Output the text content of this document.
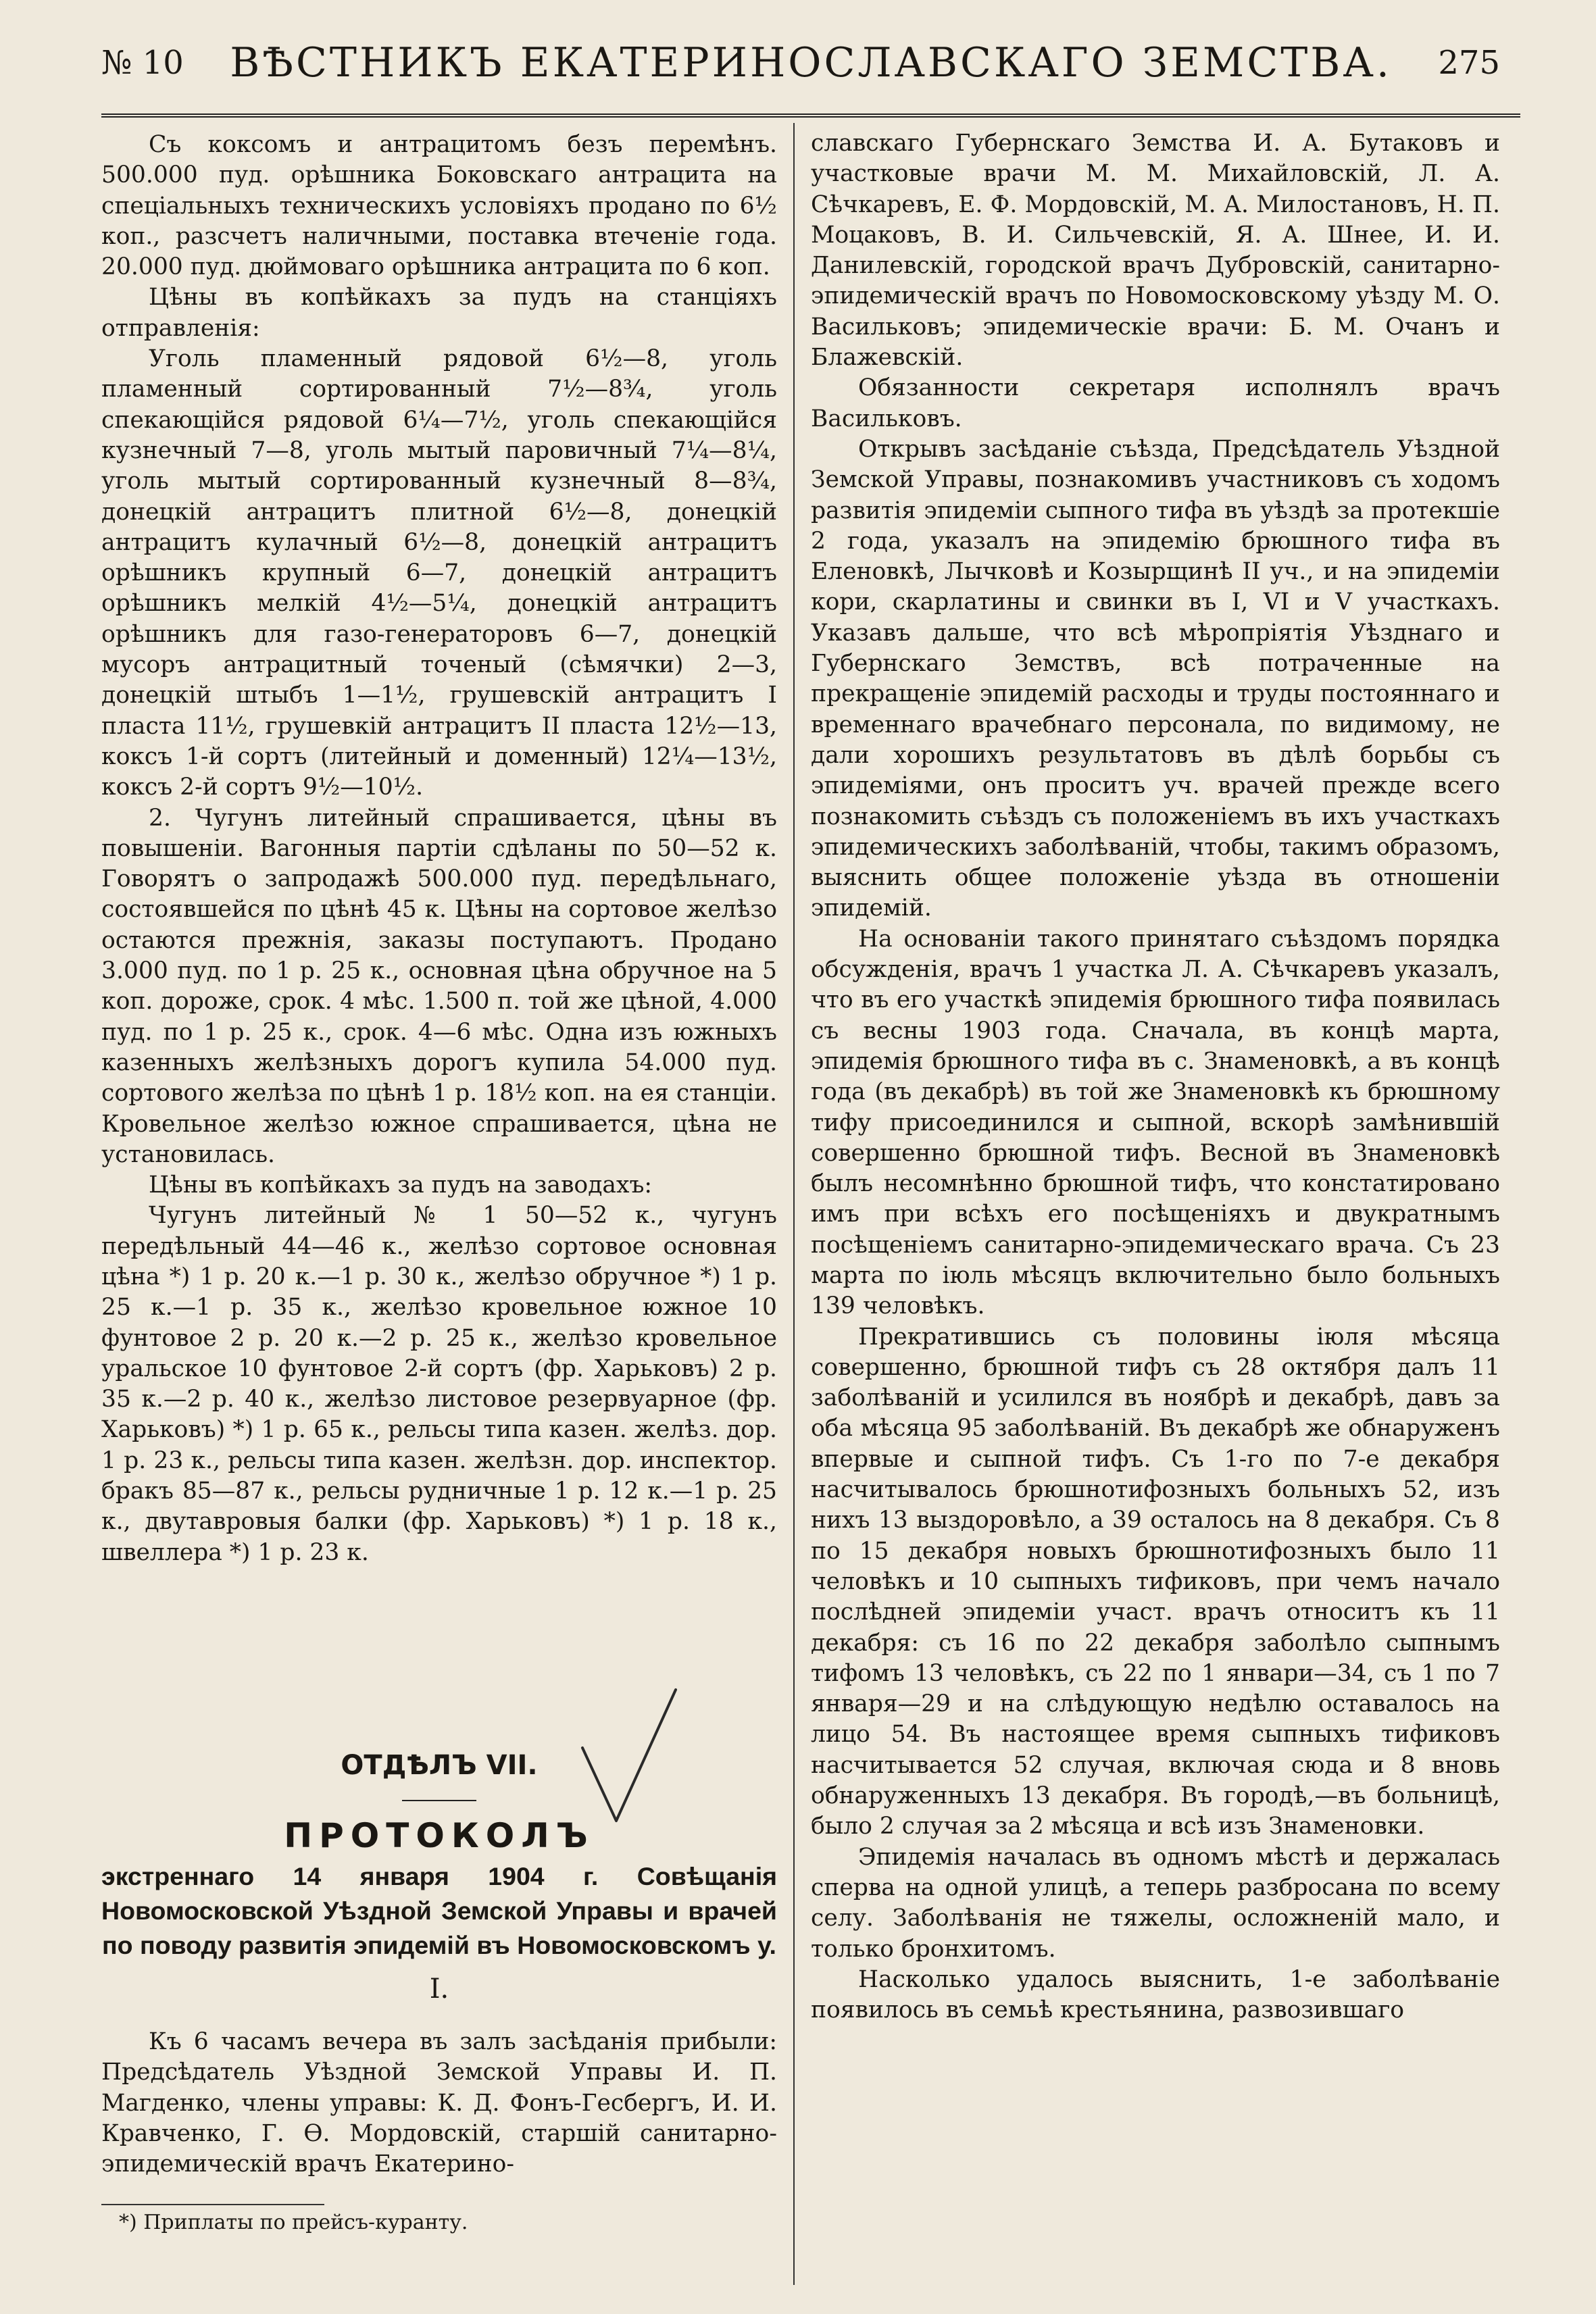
№ 10 ВѢСТНИКЪ ЕКАТЕРИНОСЛАВСКАГО ЗЕМСТВА. 275

Съ коксомъ и антрацитомъ безъ перемѣнъ. 500.000 пуд. орѣшника Боковскаго антрацита на спеціальныхъ техническихъ условіяхъ продано по 6½ коп., разсчетъ наличными, поставка втеченіе года. 20.000 пуд. дюймоваго орѣшника антрацита по 6 коп.

Цѣны въ копѣйкахъ за пудъ на станціяхъ отправленія:

Уголь пламенный рядовой 6½—8, уголь пламенный сортированный 7½—8¾, уголь спекающійся рядовой 6¼—7½, уголь спекающійся кузнечный 7—8, уголь мытый паровичный 7¼—8¼, уголь мытый сортированный кузнечный 8—8¾, донецкій антрацитъ плитной 6½—8, донецкій антрацитъ кулачный 6½—8, донецкій антрацитъ орѣшникъ крупный 6—7, донецкій антрацитъ орѣшникъ мелкій 4½—5¼, донецкій антрацитъ орѣшникъ для газо-генераторовъ 6—7, донецкій мусоръ антрацитный точеный (сѣмячки) 2—3, донецкій штыбъ 1—1½, грушевскій антрацитъ I пласта 11½, грушевкій антрацитъ II пласта 12½—13, коксъ 1-й сортъ (литейный и доменный) 12¼—13½, коксъ 2-й сортъ 9½—10½.

2. Чугунъ литейный спрашивается, цѣны въ повышеніи. Вагонныя партіи сдѣланы по 50—52 к. Говорятъ о запродажѣ 500.000 пуд. передѣльнаго, состоявшейся по цѣнѣ 45 к. Цѣны на сортовое желѣзо остаются прежнія, заказы поступаютъ. Продано 3.000 пуд. по 1 р. 25 к., основная цѣна обручное на 5 коп. дороже, срок. 4 мѣс. 1.500 п. той же цѣной, 4.000 пуд. по 1 р. 25 к., срок. 4—6 мѣс. Одна изъ южныхъ казенныхъ желѣзныхъ дорогъ купила 54.000 пуд. сортового желѣза по цѣнѣ 1 р. 18½ коп. на ея станціи. Кровельное желѣзо южное спрашивается, цѣна не установилась.

Цѣны въ копѣйкахъ за пудъ на заводахъ:

Чугунъ литейный № 1 50—52 к., чугунъ передѣльный 44—46 к., желѣзо сортовое основная цѣна *) 1 р. 20 к.—1 р. 30 к., желѣзо обручное *) 1 р. 25 к.—1 р. 35 к., желѣзо кровельное южное 10 фунтовое 2 р. 20 к.—2 р. 25 к., желѣзо кровельное уральское 10 фунтовое 2-й сортъ (фр. Харьковъ) 2 р. 35 к.—2 р. 40 к., желѣзо листовое резервуарное (фр. Харьковъ) *) 1 р. 65 к., рельсы типа казен. желѣз. дор. 1 р. 23 к., рельсы типа казен. желѣзн. дор. инспектор. бракъ 85—87 к., рельсы рудничные 1 р. 12 к.—1 р. 25 к., двутавровыя балки (фр. Харьковъ) *) 1 р. 18 к., швеллера *) 1 р. 23 к.

ОТДѢЛЪ VII.
ПРОТОКОЛЪ
экстреннаго 14 января 1904 г. Совѣщанія Новомосковской Уѣздной Земской Управы и врачей по поводу развитія эпидемій въ Новомосковскомъ у.
I.

Къ 6 часамъ вечера въ залъ засѣданія прибыли: Предсѣдатель Уѣздной Земской Управы И. П. Магденко, члены управы: К. Д. Фонъ-Гесбергъ, И. И. Кравченко, Г. Ѳ. Мордовскій, старшій санитарно-эпидемическій врачъ Екатерино-

*) Приплаты по прейсъ-куранту.

славскаго Губернскаго Земства И. А. Бутаковъ и участковые врачи М. М. Михайловскій, Л. А. Сѣчкаревъ, Е. Ф. Мордовскій, М. А. Милостановъ, Н. П. Моцаковъ, В. И. Сильчевскій, Я. А. Шнее, И. И. Данилевскій, городской врачъ Дубровскій, санитарно-эпидемическій врачъ по Новомосковскому уѣзду М. О. Васильковъ; эпидемическіе врачи: Б. М. Очанъ и Блажевскій.

Обязанности секретаря исполнялъ врачъ Васильковъ.

Открывъ засѣданіе съѣзда, Предсѣдатель Уѣздной Земской Управы, познакомивъ участниковъ съ ходомъ развитія эпидеміи сыпного тифа въ уѣздѣ за протекшіе 2 года, указалъ на эпидемію брюшного тифа въ Еленовкѣ, Лычковѣ и Козырщинѣ II уч., и на эпидеміи кори, скарлатины и свинки въ I, VI и V участкахъ. Указавъ дальше, что всѣ мѣропріятія Уѣзднаго и Губернскаго Земствъ, всѣ потраченные на прекращеніе эпидемій расходы и труды постояннаго и временнаго врачебнаго персонала, по видимому, не дали хорошихъ результатовъ въ дѣлѣ борьбы съ эпидеміями, онъ проситъ уч. врачей прежде всего познакомить съѣздъ съ положеніемъ въ ихъ участкахъ эпидемическихъ заболѣваній, чтобы, такимъ образомъ, выяснить общее положеніе уѣзда въ отношеніи эпидемій.

На основаніи такого принятаго съѣздомъ порядка обсужденія, врачъ 1 участка Л. А. Сѣчкаревъ указалъ, что въ его участкѣ эпидемія брюшного тифа появилась съ весны 1903 года. Сначала, въ концѣ марта, эпидемія брюшного тифа въ с. Знаменовкѣ, а въ концѣ года (въ декабрѣ) въ той же Знаменовкѣ къ брюшному тифу присоединился и сыпной, вскорѣ замѣнившій совершенно брюшной тифъ. Весной въ Знаменовкѣ былъ несомнѣнно брюшной тифъ, что констатировано имъ при всѣхъ его посѣщеніяхъ и двукратнымъ посѣщеніемъ санитарно-эпидемическаго врача. Съ 23 марта по іюль мѣсяцъ включительно было больныхъ 139 человѣкъ.

Прекратившись съ половины іюля мѣсяца совершенно, брюшной тифъ съ 28 октября далъ 11 заболѣваній и усилился въ ноябрѣ и декабрѣ, давъ за оба мѣсяца 95 заболѣваній. Въ декабрѣ же обнаруженъ впервые и сыпной тифъ. Съ 1-го по 7-е декабря насчитывалось брюшнотифозныхъ больныхъ 52, изъ нихъ 13 выздоровѣло, а 39 осталось на 8 декабря. Съ 8 по 15 декабря новыхъ брюшнотифозныхъ было 11 человѣкъ и 10 сыпныхъ тификовъ, при чемъ начало послѣдней эпидеміи участ. врачъ относитъ къ 11 декабря: съ 16 по 22 декабря заболѣло сыпнымъ тифомъ 13 человѣкъ, съ 22 по 1 январи—34, съ 1 по 7 января—29 и на слѣдующую недѣлю оставалось на лицо 54. Въ настоящее время сыпныхъ тификовъ насчитывается 52 случая, включая сюда и 8 вновь обнаруженныхъ 13 декабря. Въ городѣ,—въ больницѣ, было 2 случая за 2 мѣсяца и всѣ изъ Знаменовки.

Эпидемія началась въ одномъ мѣстѣ и держалась сперва на одной улицѣ, а теперь разбросана по всему селу. Заболѣванія не тяжелы, осложненій мало, и только бронхитомъ.

Насколько удалось выяснить, 1-е заболѣваніе появилось въ семьѣ крестьянина, развозившаго
